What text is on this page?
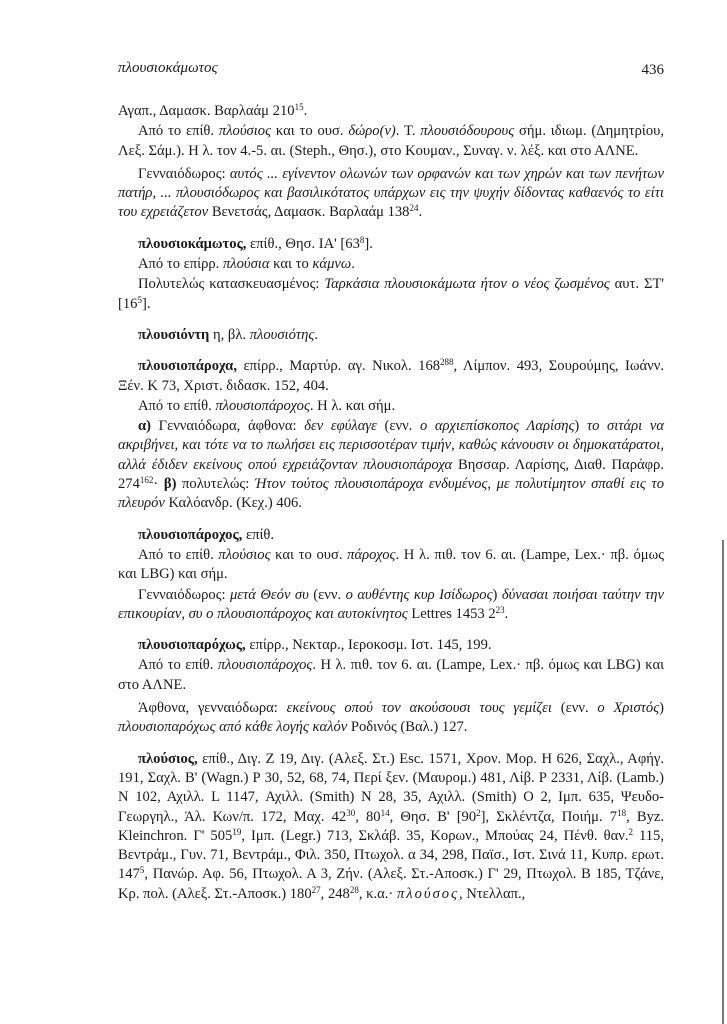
πλουσιοκάμωτος	436

Αγαπ., Δαμασκ. Βαρλαάμ $210^{15}$.

Από το επίθ. πλούσιος και το ουσ. δώρο(ν). Τ. πλουσιόδουρους σήμ. ιδιωμ. (Δημητρίου, Λεξ. Σάμ.). Η λ. τον 4.-5. αι. (Steph., Θησ.), στο Κουμαν., Συναγ. ν. λέξ. και στο ΑΛΝΕ.

Γενναιόδωρος: αυτός ... εγίνεντον ολωνών των ορφανών και των χηρών και των πενήτων πατήρ, ... πλουσιόδωρος και βασιλικότατος υπάρχων εις την ψυχήν δίδοντας καθαενός το είτι του εχρειάζετον Βενετσάς, Δαμασκ. Βαρλαάμ $138^{24}$.

πλουσιοκάμωτος, επίθ., Θησ. ΙΑ' $[63^8]$.

Από το επίρρ. πλούσια και το κάμνω.

Πολυτελώς κατασκευασμένος: Ταρκάσια πλουσιοκάμωτα ήτον ο νέος ζωσμένος αυτ. ΣΤ' $[16^5]$.

πλουσιόντη η, βλ. πλουσιότης.

πλουσιοπάροχα, επίρρ., Μαρτύρ. αγ. Νικολ. $168^{288}$, Λίμπον. 493, Σουρούμης, Ιωάνν. Ξέν. Κ 73, Χριστ. διδασκ. 152, 404.

Από το επίθ. πλουσιοπάροχος. Η λ. και σήμ.

α) Γενναιόδωρα, άφθονα: δεν εφύλαγε (ενν. ο αρχιεπίσκοπος Λαρίσης) το σιτάρι να ακριβήνει, και τότε να το πωλήσει εις περισσοτέραν τιμήν, καθώς κάνουσιν οι δημοκατάρατοι, αλλά έδιδεν εκείνους οπού εχρειάζονταν πλουσιοπάροχα Βησσαρ. Λαρίσης, Διαθ. Παράφρ. $274^{162}\cdot \beta$) πολυτελώς: Ήτον τούτος πλουσιοπάροχα ενδυμένος, με πολυτίμητον σπαθί εις το πλευρόν Καλόανδρ. (Κεχ.) 406.

πλουσιοπάροχος, επίθ.

Από το επίθ. πλούσιος και το ουσ. πάροχος. Η λ. πιθ. τον 6. αι. (Lampe, Lex.· πβ. όμως και LBG) και σήμ.

Γενναιόδωρος: μετά Θεόν συ (ενν. ο αυθέντης κυρ Ισίδωρος) δύνασαι ποιήσαι ταύτην την επικουρίαν, συ ο πλουσιοπάροχος και αυτοκίνητος Lettres 1453 $2^{23}$.

πλουσιοπαρόχως, επίρρ., Νεκταρ., Ιεροκοσμ. Ιστ. 145, 199.

Από το επίθ. πλουσιοπάροχος. Η λ. πιθ. τον 6. αι. (Lampe, Lex.· πβ. όμως και LBG) και στο ΑΛΝΕ.

Άφθονα, γενναιόδωρα: εκείνους οπού τον ακούσουσι τους γεμίζει (ενν. ο Χριστός) πλουσιοπαρόχως από κάθε λογής καλόν Ροδινός (Βαλ.) 127.

πλούσιος, επίθ., Διγ. Ζ 19, Διγ. (Αλεξ. Στ.) Esc. 1571, Χρον. Μορ. Η 626, Σαχλ., Αφήγ. 191, Σαχλ. Β' (Wagn.) Ρ 30, 52, 68, 74, Περί ξεν. (Μαυρομ.) 481, Λίβ. Ρ 2331, Λίβ. (Lamb.) Ν 102, Αχιλλ. L 1147, Αχιλλ. (Smith) Ν 28, 35, Αχιλλ. (Smith) Ο 2, Ιμπ. 635, Ψευδο-Γεωργηλ., Άλ. Κων/π. 172, Μαχ. $42^{30}$, $80^{14}$, Θησ. Β' $[90^2]$, Σκλέντζα, Ποιήμ. $7^{18}$, Byz. Kleinchron. Γ' $505^{19}$, Ιμπ. (Legr.) 713, Σκλάβ. 35, Κορων., Μπούας 24, Πένθ. θαν.$^2$ 115, Βεντράμ., Γυν. 71, Βεντράμ., Φιλ. 350, Πτωχολ. α 34, 298, Παϊσ., Ιστ. Σινά 11, Κυπρ. ερωτ. $147^5$, Πανώρ. Αφ. 56, Πτωχολ. Α 3, Ζήν. (Αλεξ. Στ.-Αποσκ.) Γ' 29, Πτωχολ. Β 185, Τζάνε, Κρ. πολ. (Αλεξ. Στ.-Αποσκ.) $180^{27}$, $248^{28}$, κ.α.· πλούσος, Ντελλαπ.,
